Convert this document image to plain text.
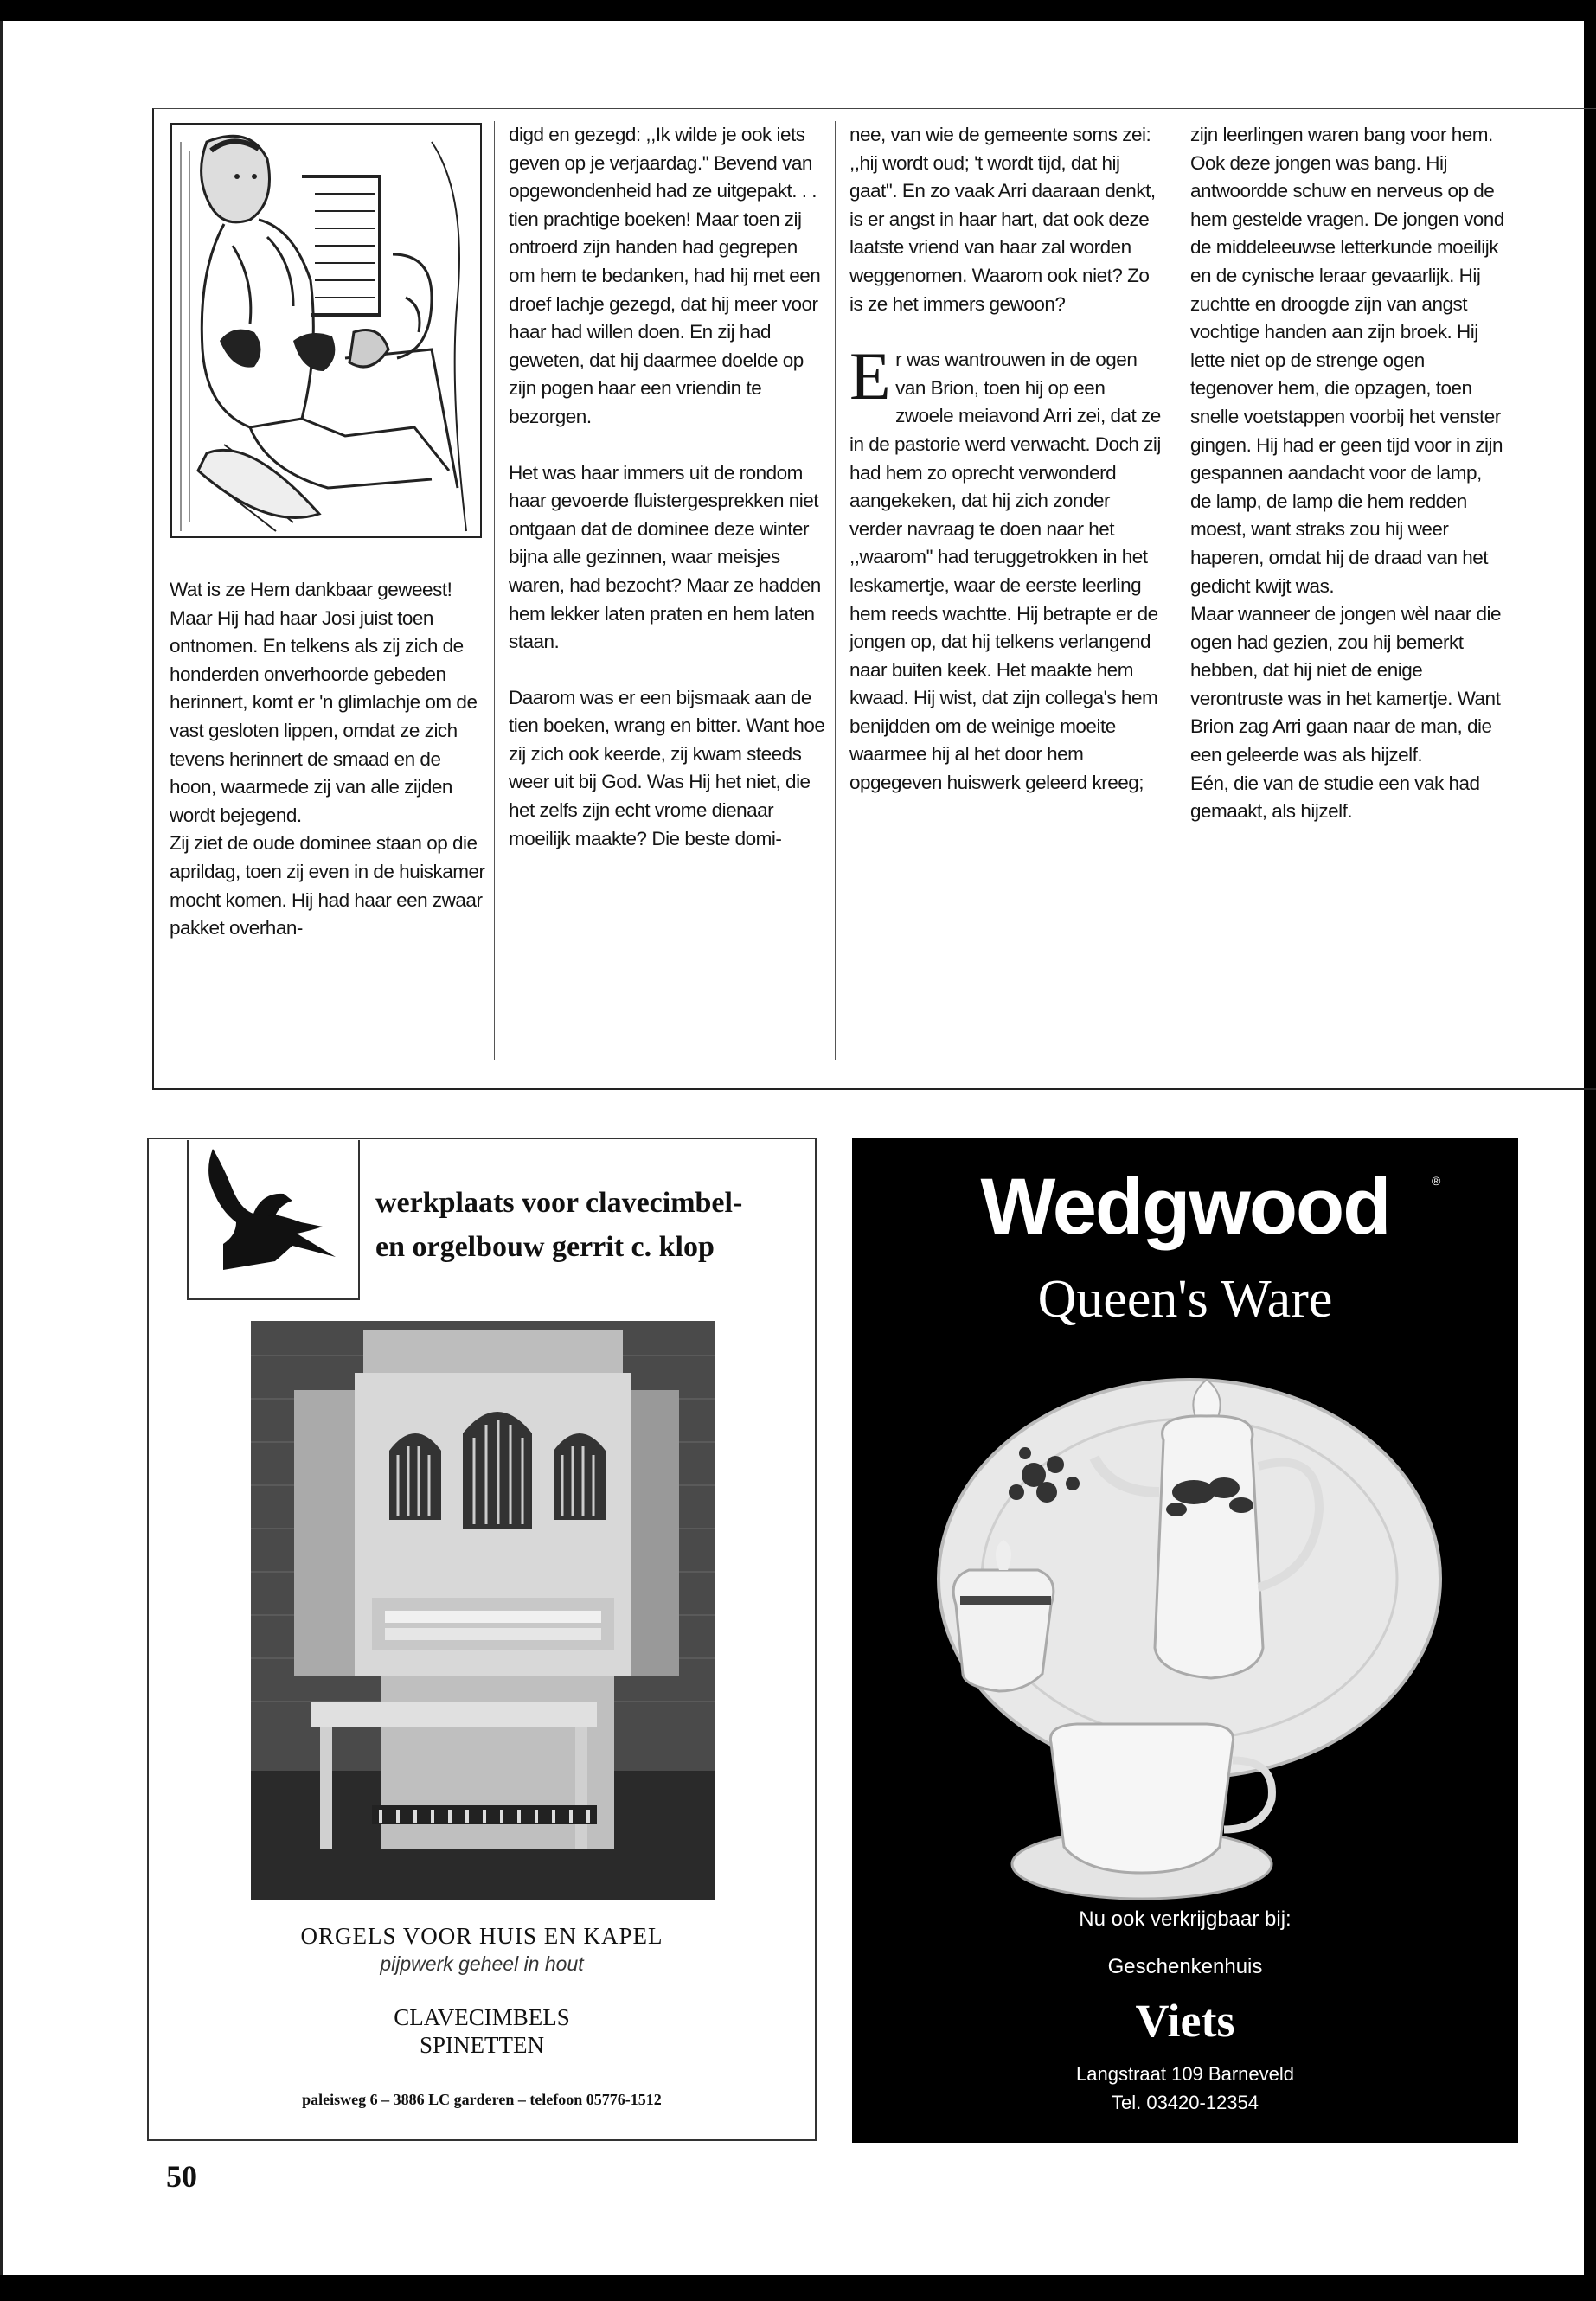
Wat is ze Hem dankbaar geweest! Maar Hij had haar Josi juist toen ontnomen. En telkens als zij zich de honderden onverhoorde gebeden herinnert, komt er 'n glimlachje om de vast gesloten lippen, omdat ze zich tevens herinnert de smaad en de hoon, waarmede zij van alle zijden wordt bejegend.

Zij ziet de oude dominee staan op die aprildag, toen zij even in de huiskamer mocht komen. Hij had haar een zwaar pakket overhan-

digd en gezegd: ,,Ik wilde je ook iets geven op je verjaardag.'' Bevend van opgewondenheid had ze uitgepakt. . . tien prachtige boeken! Maar toen zij ontroerd zijn handen had gegrepen om hem te bedanken, had hij met een droef lachje gezegd, dat hij meer voor haar had willen doen. En zij had geweten, dat hij daarmee doelde op zijn pogen haar een vriendin te bezorgen.

Het was haar immers uit de rondom haar gevoerde fluistergesprekken niet ontgaan dat de dominee deze winter bijna alle gezinnen, waar meisjes waren, had bezocht? Maar ze hadden hem lekker laten praten en hem laten staan.

Daarom was er een bijsmaak aan de tien boeken, wrang en bitter. Want hoe zij zich ook keerde, zij kwam steeds weer uit bij God. Was Hij het niet, die het zelfs zijn echt vrome dienaar moeilijk maakte? Die beste domi-

nee, van wie de gemeente soms zei: ,,hij wordt oud; 't wordt tijd, dat hij gaat''. En zo vaak Arri daaraan denkt, is er angst in haar hart, dat ook deze laatste vriend van haar zal worden weggenomen. Waarom ook niet? Zo is ze het immers gewoon?

Er was wantrouwen in de ogen van Brion, toen hij op een zwoele meiavond Arri zei, dat ze in de pastorie werd verwacht. Doch zij had hem zo oprecht verwonderd aangekeken, dat hij zich zonder verder navraag te doen naar het ,,waarom'' had teruggetrokken in het leskamertje, waar de eerste leerling hem reeds wachtte. Hij betrapte er de jongen op, dat hij telkens verlangend naar buiten keek. Het maakte hem kwaad. Hij wist, dat zijn collega's hem benijdden om de weinige moeite waarmee hij al het door hem opgegeven huiswerk geleerd kreeg;

zijn leerlingen waren bang voor hem. Ook deze jongen was bang. Hij antwoordde schuw en nerveus op de hem gestelde vragen. De jongen vond de middeleeuwse letterkunde moeilijk en de cynische leraar gevaarlijk. Hij zuchtte en droogde zijn van angst vochtige handen aan zijn broek. Hij lette niet op de strenge ogen tegenover hem, die opzagen, toen snelle voetstappen voorbij het venster gingen. Hij had er geen tijd voor in zijn gespannen aandacht voor de lamp, de lamp, de lamp die hem redden moest, want straks zou hij weer haperen, omdat hij de draad van het gedicht kwijt was.

Maar wanneer de jongen wèl naar die ogen had gezien, zou hij bemerkt hebben, dat hij niet de enige verontruste was in het kamertje. Want Brion zag Arri gaan naar de man, die een geleerde was als hijzelf.

Eén, die van de studie een vak had gemaakt, als hijzelf.

werkplaats voor clavecimbel-
en orgelbouw gerrit c. klop
ORGELS VOOR HUIS EN KAPEL
pijpwerk geheel in hout
CLAVECIMBELS
SPINETTEN
paleisweg 6 – 3886 LC garderen – telefoon 05776-1512
Wedgwood	®
Queen's Ware
Nu ook verkrijgbaar bij:
Geschenkenhuis
Viets
Langstraat 109 Barneveld
Tel. 03420-12354
50
